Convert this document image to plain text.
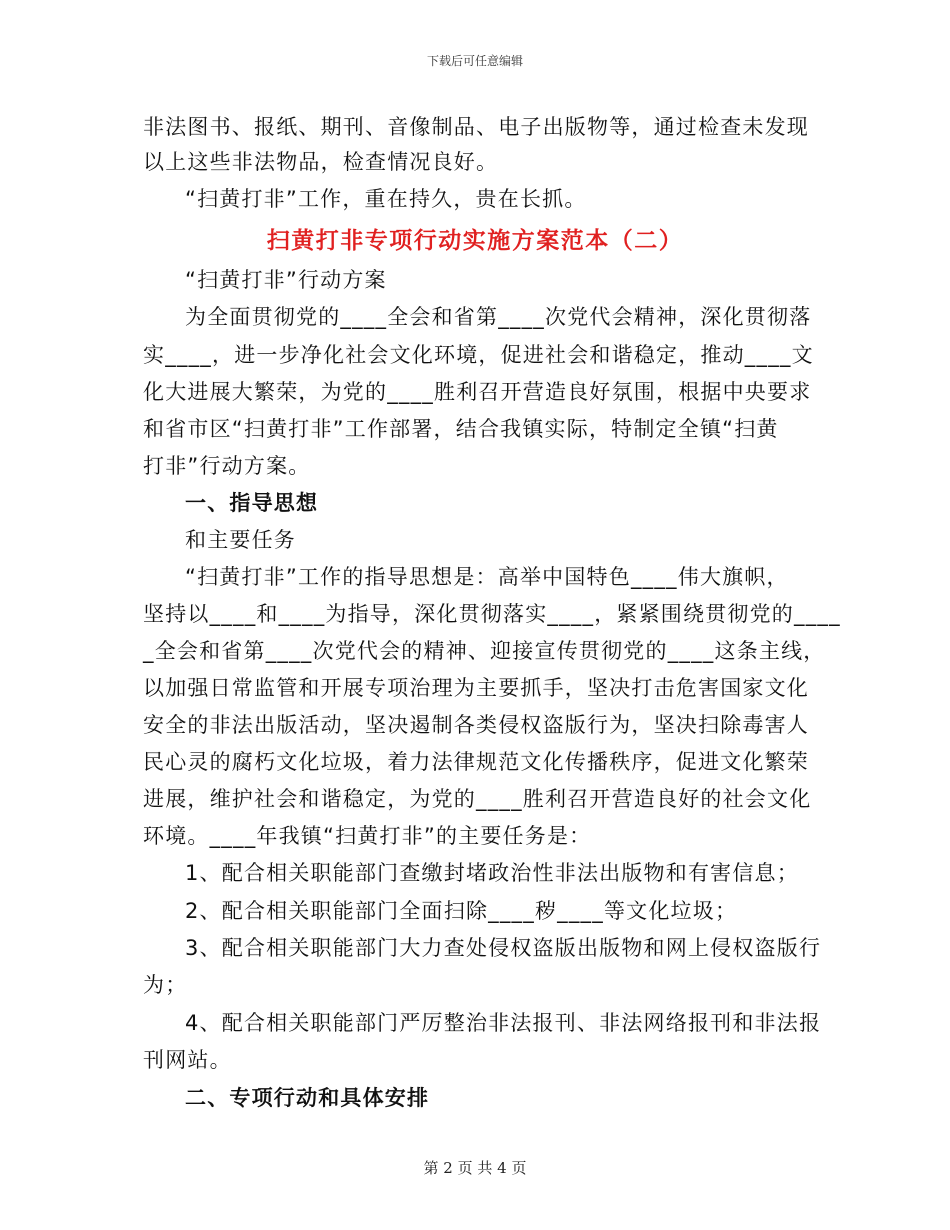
下载后可任意编辑
非法图书、报纸、期刊、音像制品、电子出版物等，通过检查未发现
以上这些非法物品，检查情况良好。
“扫黄打非”工作，重在持久，贵在长抓。
扫黄打非专项行动实施方案范本（二）
“扫黄打非”行动方案
为全面贯彻党的____全会和省第____次党代会精神，深化贯彻落
实____，进一步净化社会文化环境，促进社会和谐稳定，推动____文
化大进展大繁荣，为党的____胜利召开营造良好氛围，根据中央要求
和省市区“扫黄打非”工作部署，结合我镇实际，特制定全镇“扫黄
打非”行动方案。
一、指导思想
和主要任务
“扫黄打非”工作的指导思想是：高举中国特色____伟大旗帜，
坚持以____和____为指导，深化贯彻落实____，紧紧围绕贯彻党的____
_全会和省第____次党代会的精神、迎接宣传贯彻党的____这条主线，
以加强日常监管和开展专项治理为主要抓手，坚决打击危害国家文化
安全的非法出版活动，坚决遏制各类侵权盗版行为，坚决扫除毒害人
民心灵的腐朽文化垃圾，着力法律规范文化传播秩序，促进文化繁荣
进展，维护社会和谐稳定，为党的____胜利召开营造良好的社会文化
环境。____年我镇“扫黄打非”的主要任务是：
1、配合相关职能部门查缴封堵政治性非法出版物和有害信息；
2、配合相关职能部门全面扫除____秽____等文化垃圾；
3、配合相关职能部门大力查处侵权盗版出版物和网上侵权盗版行
为；
4、配合相关职能部门严厉整治非法报刊、非法网络报刊和非法报
刊网站。
二、专项行动和具体安排
第 2 页 共 4 页
